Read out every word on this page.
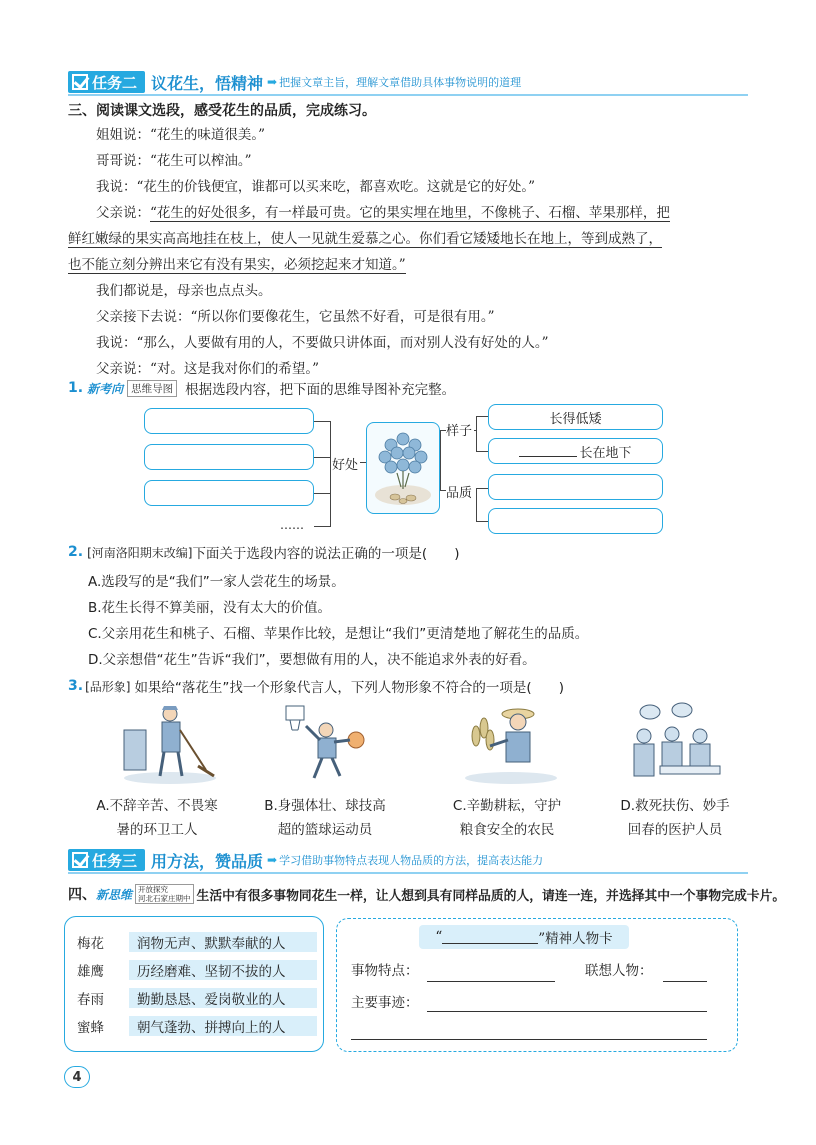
任务二 议花生，悟精神 ➡ 把握文章主旨，理解文章借助具体事物说明的道理
三、阅读课文选段，感受花生的品质，完成练习。
姐姐说：“花生的味道很美。”
哥哥说：“花生可以榨油。”
我说：“花生的价钱便宜，谁都可以买来吃，都喜欢吃。这就是它的好处。”
父亲说：“花生的好处很多，有一样最可贵。它的果实埋在地里，不像桃子、石榴、苹果那样，把
鲜红嫩绿的果实高高地挂在枝上，使人一见就生爱慕之心。你们看它矮矮地长在地上，等到成熟了，
也不能立刻分辨出来它有没有果实，必须挖起来才知道。”
我们都说是，母亲也点点头。
父亲接下去说：“所以你们要像花生，它虽然不好看，可是很有用。”
我说：“那么，人要做有用的人，不要做只讲体面，而对别人没有好处的人。”
父亲说：“对。这是我对你们的希望。”
1. 新考向 思维导图 根据选段内容，把下面的思维导图补充完整。
……
好处
样子
品质
长得低矮
长在地下
2. [河南洛阳期末改编] 下面关于选段内容的说法正确的一项是(　　)
A.选段写的是“我们”一家人尝花生的场景。
B.花生长得不算美丽，没有太大的价值。
C.父亲用花生和桃子、石榴、苹果作比较，是想让“我们”更清楚地了解花生的品质。
D.父亲想借“花生”告诉“我们”，要想做有用的人，决不能追求外表的好看。
3. [品形象] 如果给“落花生”找一个形象代言人，下列人物形象不符合的一项是(　　)
A.不辞辛苦、不畏寒
暑的环卫工人
B.身强体壮、球技高
超的篮球运动员
C.辛勤耕耘，守护
粮食安全的农民
D.救死扶伤、妙手
回春的医护人员
任务三 用方法，赞品质 ➡ 学习借助事物特点表现人物品质的方法，提高表达能力
四、 新思维 开放探究
河北石家庄期中 生活中有很多事物同花生一样，让人想到具有同样品质的人，请连一连，并选择其中一个事物完成卡片。
梅花	润物无声、默默奉献的人
雄鹰	历经磨难、坚韧不拔的人
春雨	勤勤恳恳、爱岗敬业的人
蜜蜂	朝气蓬勃、拼搏向上的人
“	”精神人物卡
事物特点：	联想人物：
主要事迹：
4
